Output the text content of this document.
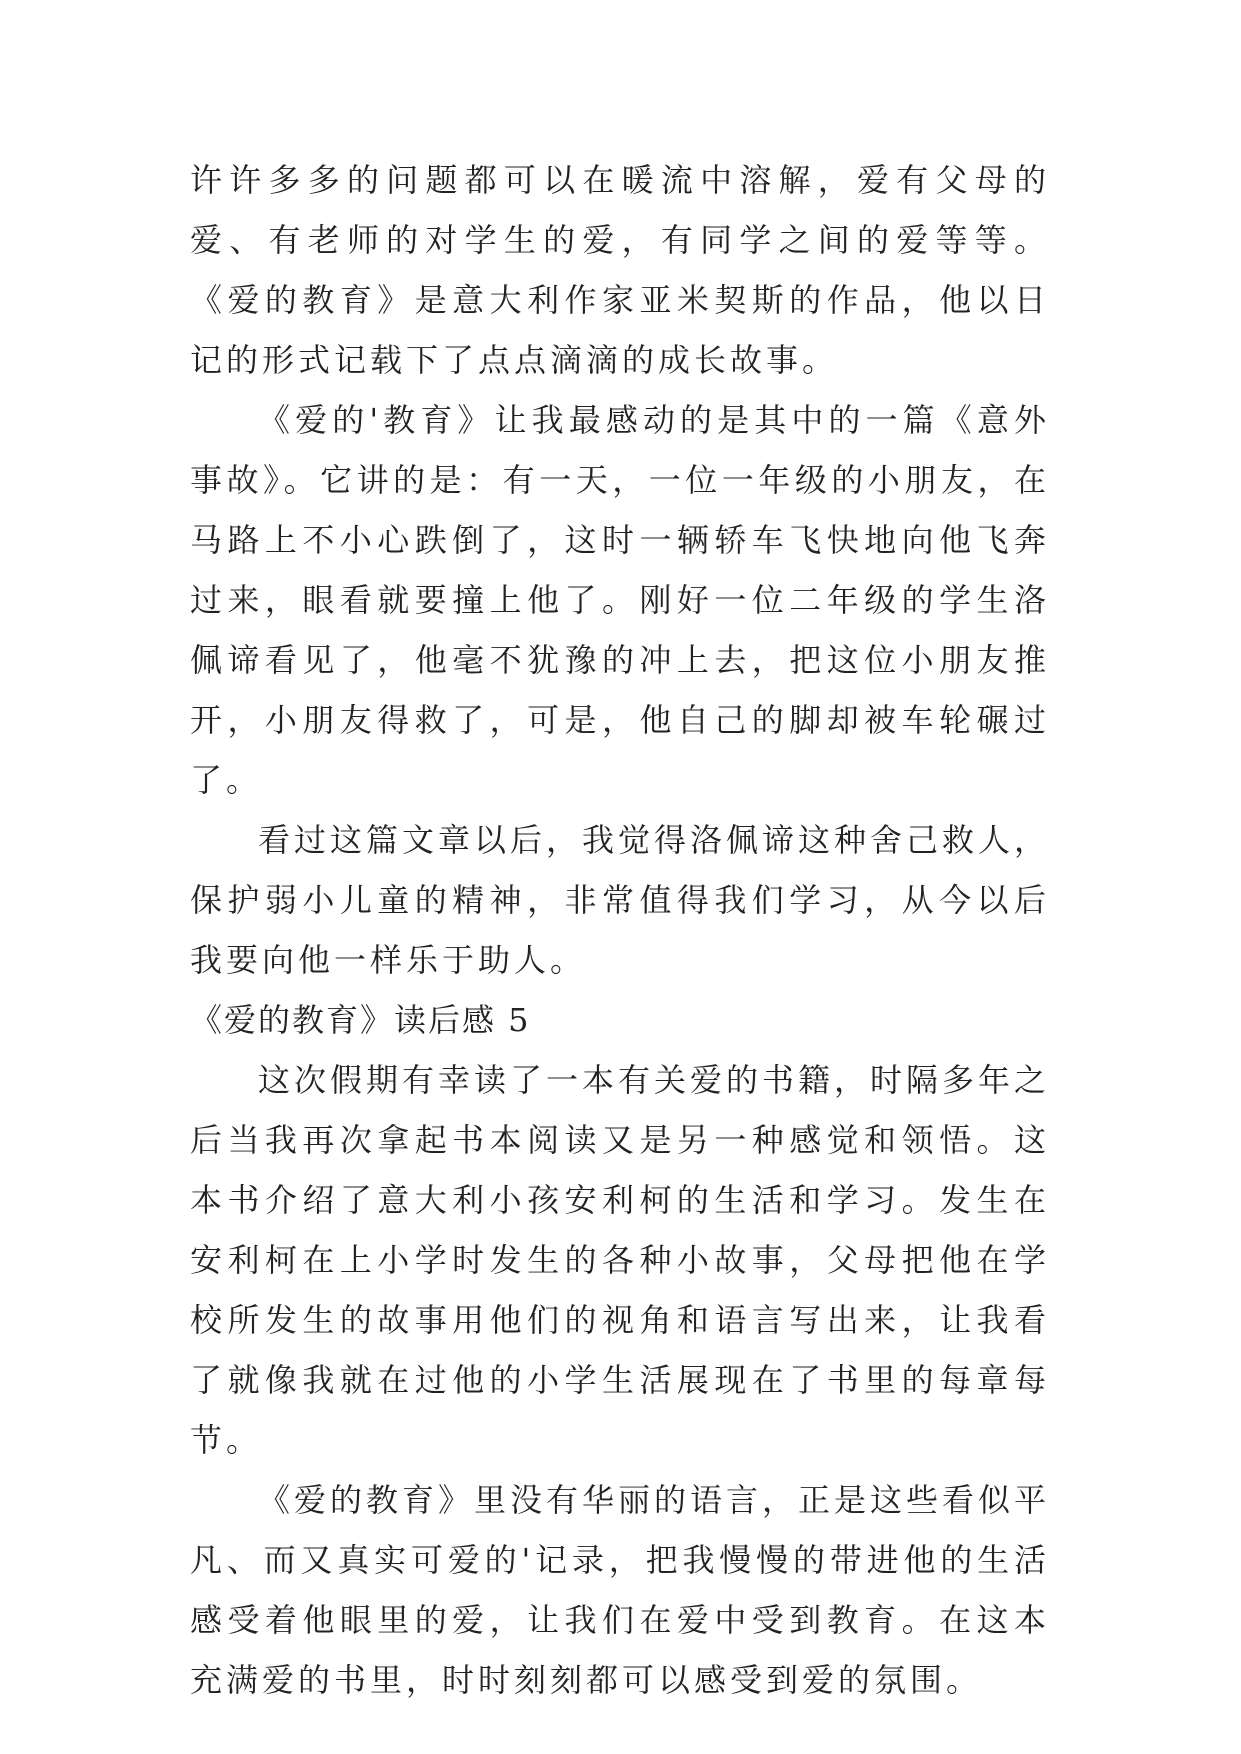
许许多多的问题都可以在暖流中溶解，爱有父母的爱、有老师的对学生的爱，有同学之间的爱等等。 《爱的教育》是意大利作家亚米契斯的作品，他以日记的形式记载下了点点滴滴的成长故事。

《爱的'教育》让我最感动的是其中的一篇《意外事故》。它讲的是：有一天，一位一年级的小朋友，在马路上不小心跌倒了，这时一辆轿车飞快地向他飞奔过来，眼看就要撞上他了。刚好一位二年级的学生洛佩谛看见了，他毫不犹豫的冲上去，把这位小朋友推开，小朋友得救了，可是，他自己的脚却被车轮碾过了。

看过这篇文章以后，我觉得洛佩谛这种舍己救人，保护弱小儿童的精神，非常值得我们学习，从今以后我要向他一样乐于助人。

《爱的教育》读后感 5

这次假期有幸读了一本有关爱的书籍，时隔多年之后当我再次拿起书本阅读又是另一种感觉和领悟。这本书介绍了意大利小孩安利柯的生活和学习。发生在安利柯在上小学时发生的各种小故事，父母把他在学校所发生的故事用他们的视角和语言写出来，让我看了就像我就在过他的小学生活展现在了书里的每章每节。

《爱的教育》里没有华丽的语言，正是这些看似平凡、而又真实可爱的'记录，把我慢慢的带进他的生活感受着他眼里的爱，让我们在爱中受到教育。在这本充满爱的书里，时时刻刻都可以感受到爱的氛围。
